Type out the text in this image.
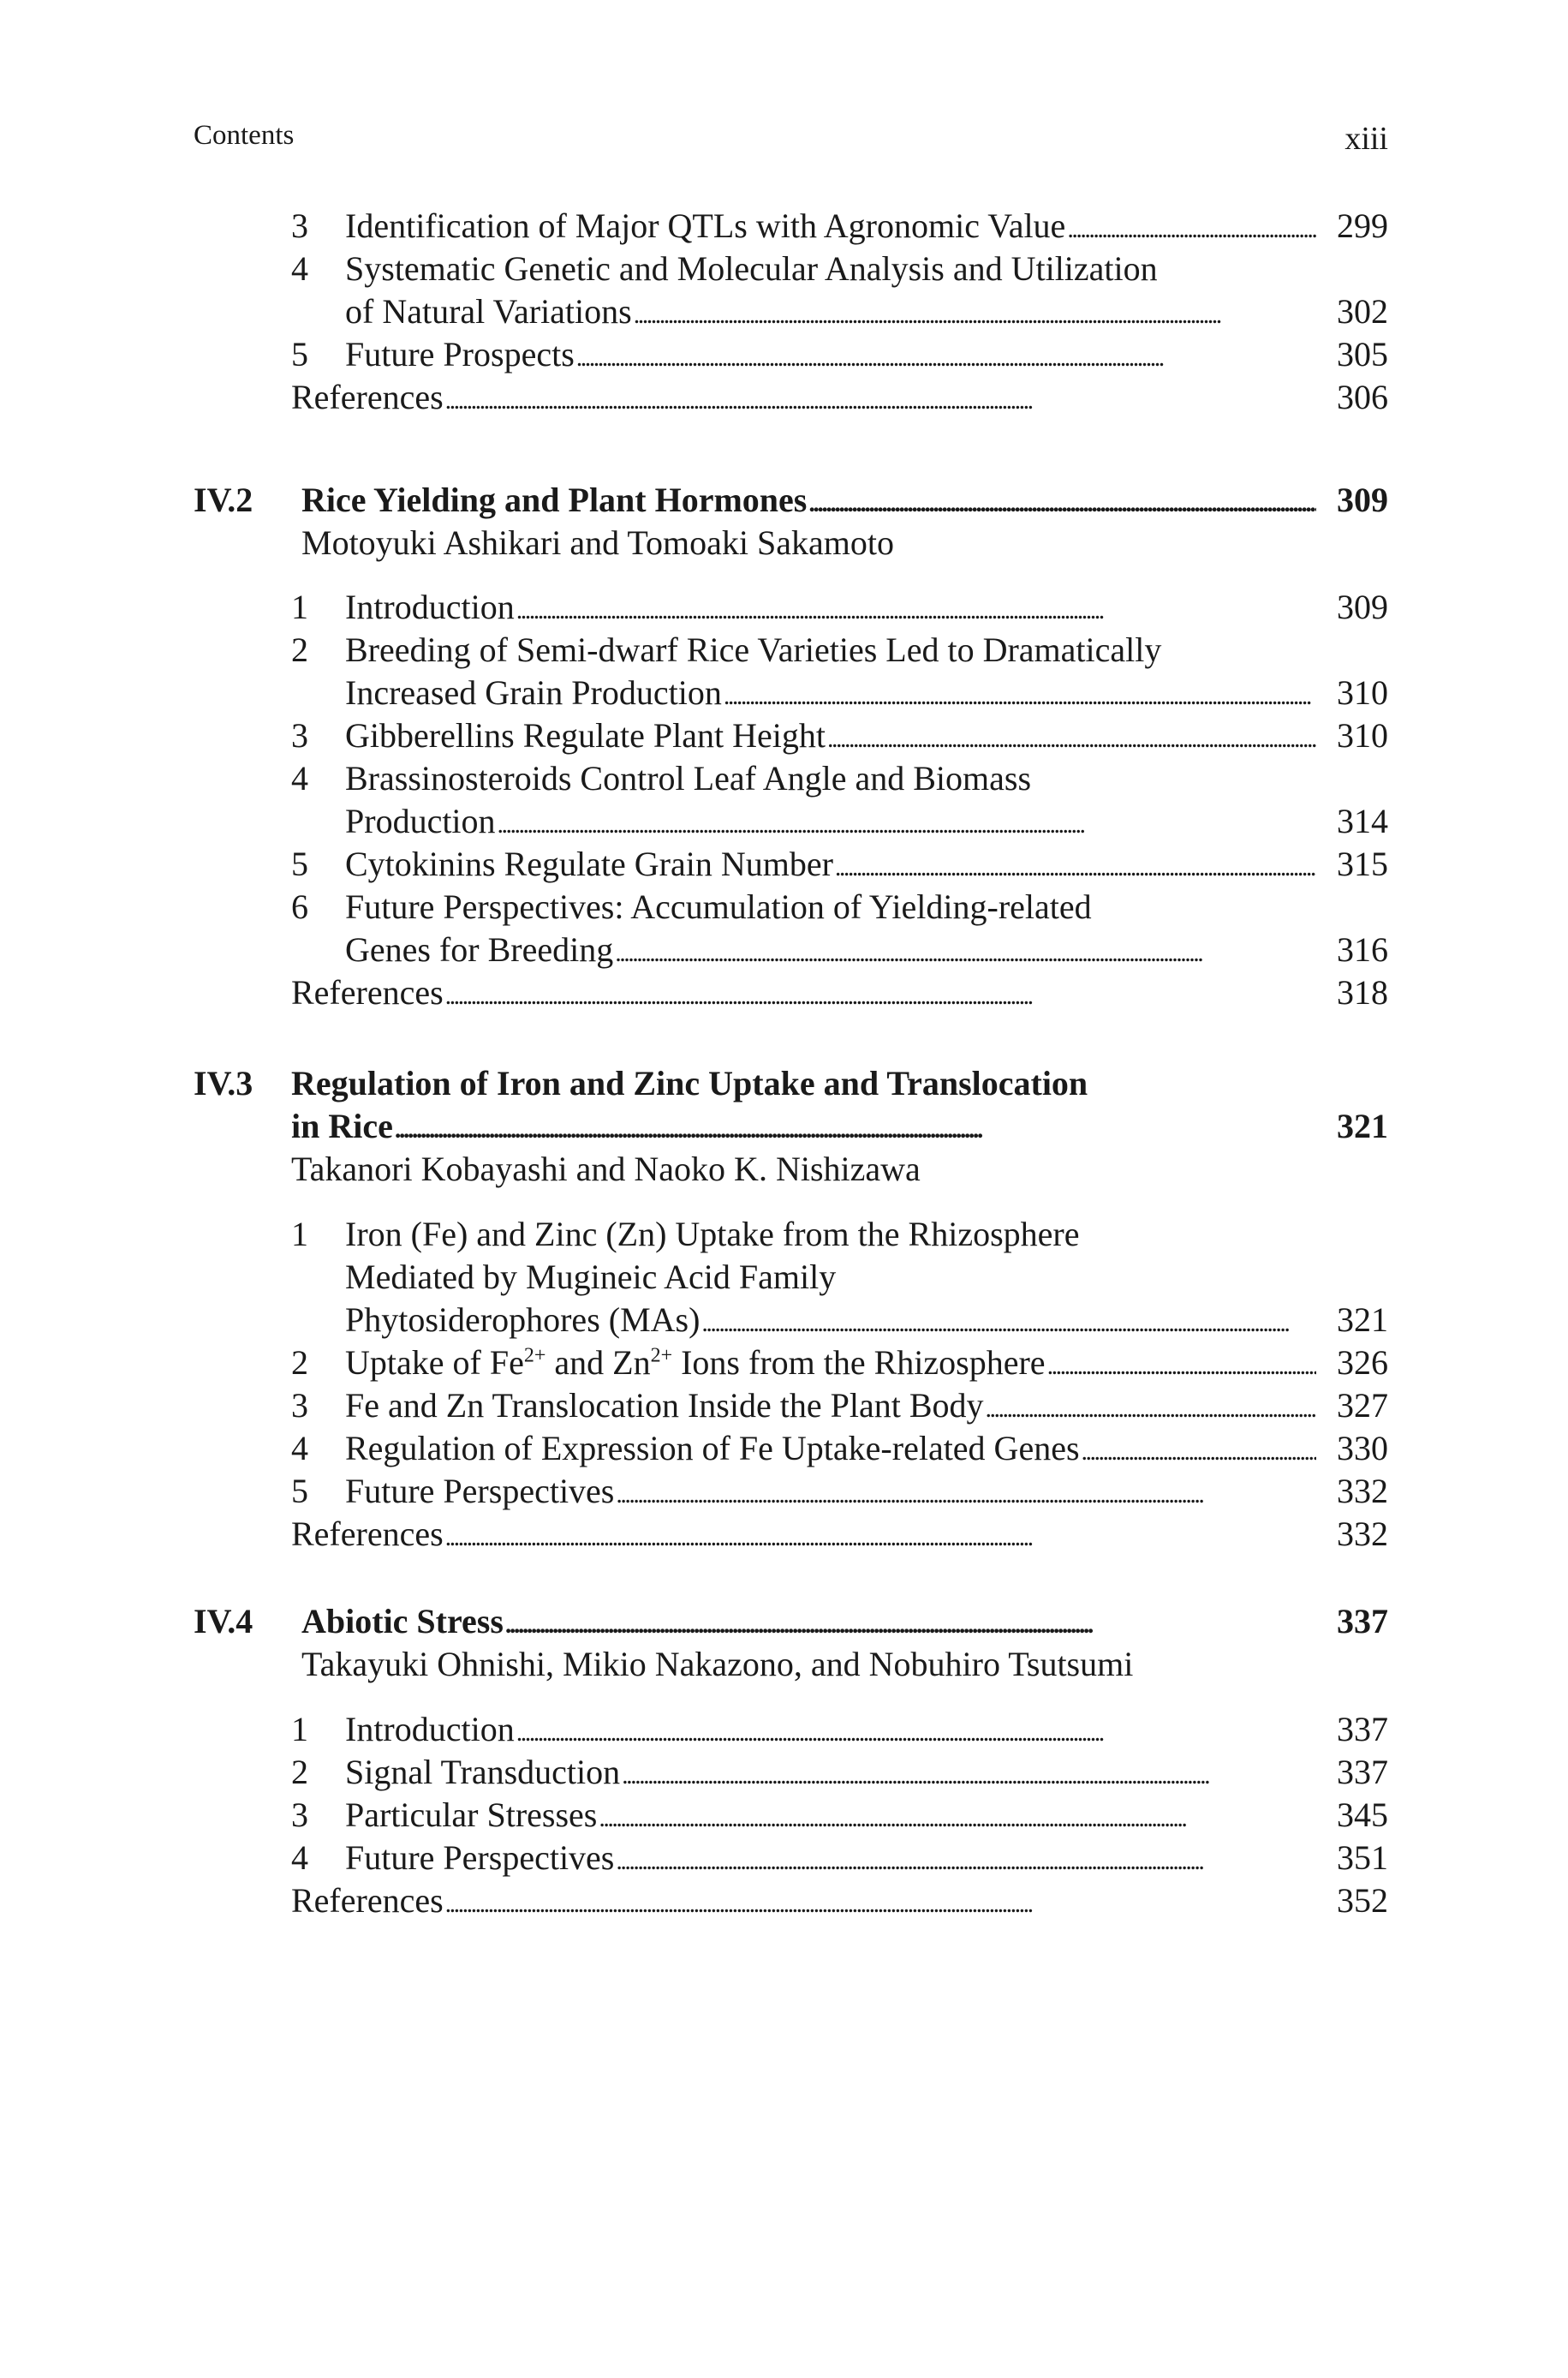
Contents	xiii
3	Identification of Major QTLs with Agronomic Value . . .	299
4	Systematic Genetic and Molecular Analysis and Utilization
of Natural Variations . . .	302
5	Future Prospects . . .	305
References . . .	306
IV.2 Rice Yielding and Plant Hormones . . .	309
Motoyuki Ashikari and Tomoaki Sakamoto
1	Introduction . . .	309
2	Breeding of Semi-dwarf Rice Varieties Led to Dramatically
Increased Grain Production . . .	310
3	Gibberellins Regulate Plant Height . . .	310
4	Brassinosteroids Control Leaf Angle and Biomass
Production . . .	314
5	Cytokinins Regulate Grain Number . . .	315
6	Future Perspectives: Accumulation of Yielding-related
Genes for Breeding . . .	316
References . . .	318
IV.3 Regulation of Iron and Zinc Uptake and Translocation
in Rice . . .	321
Takanori Kobayashi and Naoko K. Nishizawa
1	Iron (Fe) and Zinc (Zn) Uptake from the Rhizosphere
Mediated by Mugineic Acid Family
Phytosiderophores (MAs) . . .	321
2	Uptake of $Fe^{2+}$ and $Zn^{2+}$ Ions from the Rhizosphere . . .	326
3	Fe and Zn Translocation Inside the Plant Body . . .	327
4	Regulation of Expression of Fe Uptake-related Genes . . .	330
5	Future Perspectives . . .	332
References . . .	332
IV.4 Abiotic Stress . . .	337
Takayuki Ohnishi, Mikio Nakazono, and Nobuhiro Tsutsumi
1	Introduction . . .	337
2	Signal Transduction . . .	337
3	Particular Stresses . . .	345
4	Future Perspectives . . .	351
References . . .	352
